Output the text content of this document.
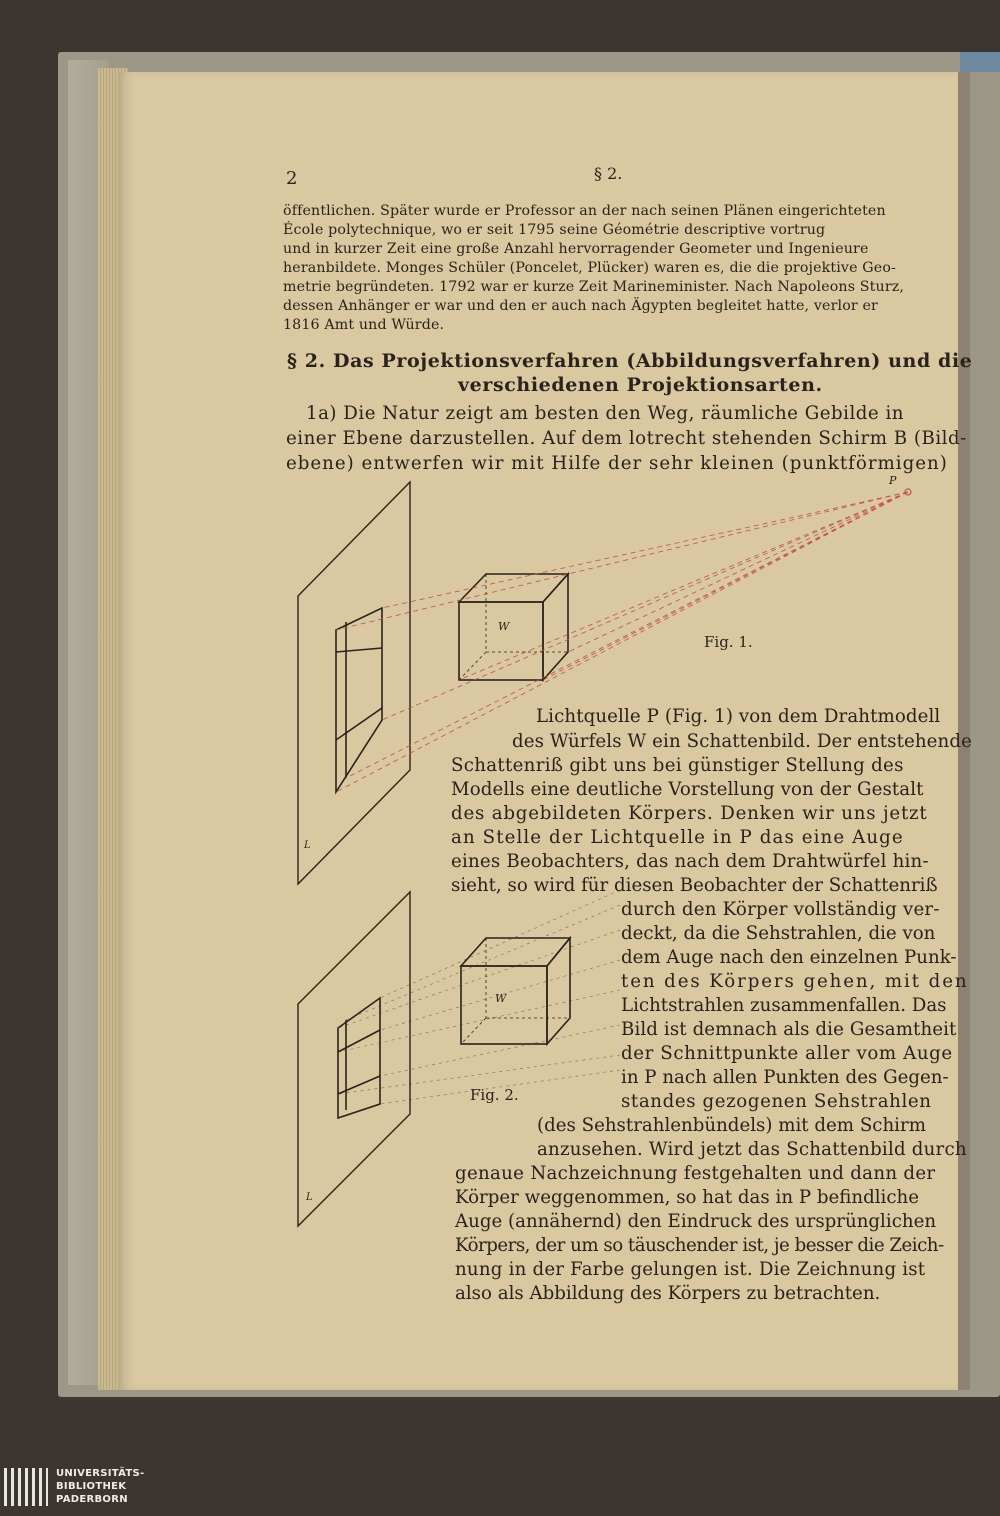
2	§ 2.
öffentlichen. Später wurde er Professor an der nach seinen Plänen eingerichteten
École polytechnique, wo er seit 1795 seine Géométrie descriptive vortrug
und in kurzer Zeit eine große Anzahl hervorragender Geometer und Ingenieure
heranbildete. Monges Schüler (Poncelet, Plücker) waren es, die die projektive Geo-
metrie begründeten. 1792 war er kurze Zeit Marineminister. Nach Napoleons Sturz,
dessen Anhänger er war und den er auch nach Ägypten begleitet hatte, verlor er
1816 Amt und Würde.
§ 2. Das Projektionsverfahren (Abbildungsverfahren) und die
verschiedenen Projektionsarten.
1a) Die Natur zeigt am besten den Weg, räumliche Gebilde in
einer Ebene darzustellen. Auf dem lotrecht stehenden Schirm B (Bild-
ebene) entwerfen wir mit Hilfe der sehr kleinen (punktförmigen)
P
W
L
Fig. 1.
W
L
Fig. 2.
Lichtquelle P (Fig. 1) von dem Drahtmodell
des Würfels W ein Schattenbild. Der entstehende
Schattenriß gibt uns bei günstiger Stellung des
Modells eine deutliche Vorstellung von der Gestalt
des abgebildeten Körpers. Denken wir uns jetzt
an Stelle der Lichtquelle in P das eine Auge
eines Beobachters, das nach dem Drahtwürfel hin-
sieht, so wird für diesen Beobachter der Schattenriß
durch den Körper vollständig ver-
deckt, da die Sehstrahlen, die von
dem Auge nach den einzelnen Punk-
ten des Körpers gehen, mit den
Lichtstrahlen zusammenfallen. Das
Bild ist demnach als die Gesamtheit
der Schnittpunkte aller vom Auge
in P nach allen Punkten des Gegen-
standes gezogenen Sehstrahlen
(des Sehstrahlenbündels) mit dem Schirm
anzusehen. Wird jetzt das Schattenbild durch
genaue Nachzeichnung festgehalten und dann der
Körper weggenommen, so hat das in P befindliche
Auge (annähernd) den Eindruck des ursprünglichen
Körpers, der um so täuschender ist, je besser die Zeich-
nung in der Farbe gelungen ist. Die Zeichnung ist
also als Abbildung des Körpers zu betrachten.
UNIVERSITÄTS-
BIBLIOTHEK
PADERBORN
